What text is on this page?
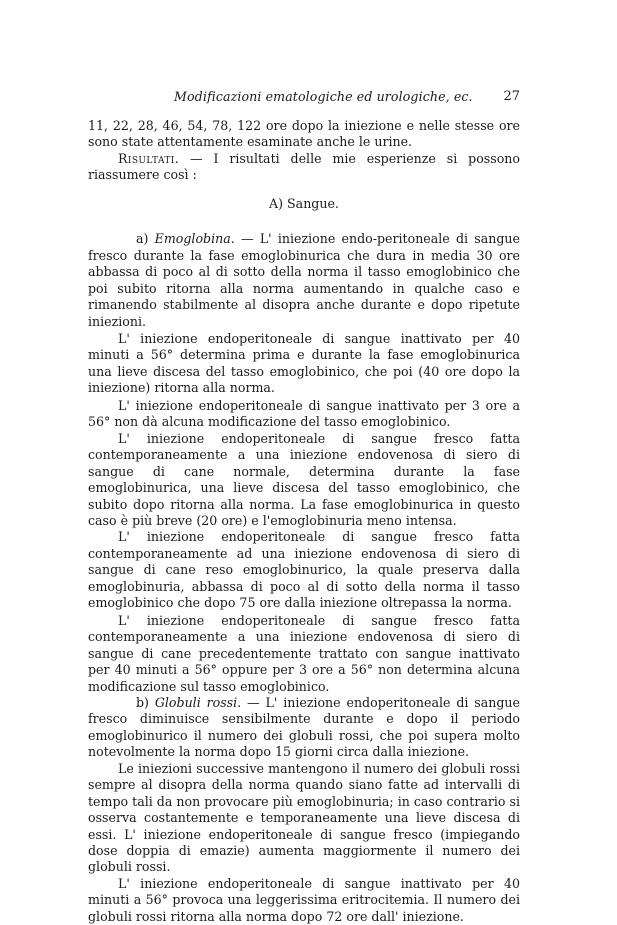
Modificazioni ematologiche ed urologiche, ec. 27

11, 22, 28, 46, 54, 78, 122 ore dopo la iniezione e nelle stesse ore sono state attentamente esaminate anche le urine.

Risultati. — I risultati delle mie esperienze si possono riassumere così :

A) Sangue.

a) Emoglobina. — L' iniezione endo-peritoneale di sangue fresco durante la fase emoglobinurica che dura in media 30 ore abbassa di poco al di sotto della norma il tasso emoglobinico che poi subito ritorna alla norma aumentando in qualche caso e rimanendo stabilmente al disopra anche durante e dopo ripetute iniezioni.

L' iniezione endoperitoneale di sangue inattivato per 40 minuti a 56° determina prima e durante la fase emoglobinurica una lieve discesa del tasso emoglobinico, che poi (40 ore dopo la iniezione) ritorna alla norma.

L' iniezione endoperitoneale di sangue inattivato per 3 ore a 56° non dà alcuna modificazione del tasso emoglobinico.

L' iniezione endoperitoneale di sangue fresco fatta contemporaneamente a una iniezione endovenosa di siero di sangue di cane normale, determina durante la fase emoglobinurica, una lieve discesa del tasso emoglobinico, che subito dopo ritorna alla norma. La fase emoglobinurica in questo caso è più breve (20 ore) e l'emoglobinuria meno intensa.

L' iniezione endoperitoneale di sangue fresco fatta contemporaneamente ad una iniezione endovenosa di siero di sangue di cane reso emoglobinurico, la quale preserva dalla emoglobinuria, abbassa di poco al di sotto della norma il tasso emoglobinico che dopo 75 ore dalla iniezione oltrepassa la norma.

L' iniezione endoperitoneale di sangue fresco fatta contemporaneamente a una iniezione endovenosa di siero di sangue di cane precedentemente trattato con sangue inattivato per 40 minuti a 56° oppure per 3 ore a 56° non determina alcuna modificazione sul tasso emoglobinico.

b) Globuli rossi. — L' iniezione endoperitoneale di sangue fresco diminuisce sensibilmente durante e dopo il periodo emoglobinurico il numero dei globuli rossi, che poi supera molto notevolmente la norma dopo 15 giorni circa dalla iniezione.

Le iniezioni successive mantengono il numero dei globuli rossi sempre al disopra della norma quando siano fatte ad intervalli di tempo tali da non provocare più emoglobinuria; in caso contrario si osserva costantemente e temporaneamente una lieve discesa di essi. L' iniezione endoperitoneale di sangue fresco (impiegando dose doppia di emazie) aumenta maggiormente il numero dei globuli rossi.

L' iniezione endoperitoneale di sangue inattivato per 40 minuti a 56° provoca una leggerissima eritrocitemia. Il numero dei globuli rossi ritorna alla norma dopo 72 ore dall' iniezione.
